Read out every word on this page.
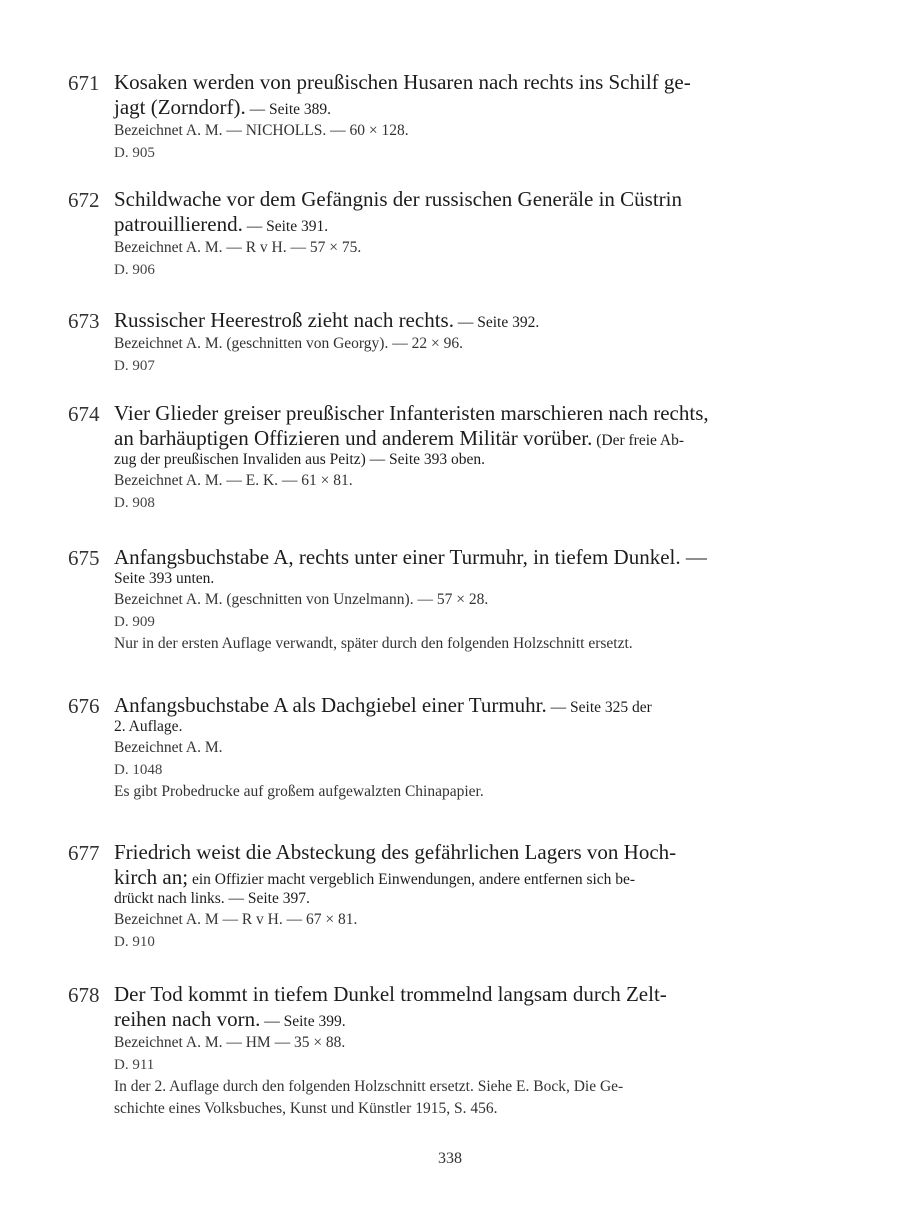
671 Kosaken werden von preußischen Husaren nach rechts ins Schilf ge-
jagt (Zorndorf). — Seite 389.

Bezeichnet A. M. — NICHOLLS. — 60 × 128.

D. 905

672 Schildwache vor dem Gefängnis der russischen Generäle in Cüstrin
patrouillierend. — Seite 391.

Bezeichnet A. M. — R v H. — 57 × 75.

D. 906

673 Russischer Heerestroß zieht nach rechts. — Seite 392.

Bezeichnet A. M. (geschnitten von Georgy). — 22 × 96.

D. 907

674 Vier Glieder greiser preußischer Infanteristen marschieren nach rechts,
an barhäuptigen Offizieren und anderem Militär vorüber. (Der freie Ab-
zug der preußischen Invaliden aus Peitz) — Seite 393 oben.

Bezeichnet A. M. — E. K. — 61 × 81.

D. 908

675 Anfangsbuchstabe A, rechts unter einer Turmuhr, in tiefem Dunkel. —
Seite 393 unten.

Bezeichnet A. M. (geschnitten von Unzelmann). — 57 × 28.

D. 909

Nur in der ersten Auflage verwandt, später durch den folgenden Holzschnitt ersetzt.

676 Anfangsbuchstabe A als Dachgiebel einer Turmuhr. — Seite 325 der
2. Auflage.

Bezeichnet A. M.

D. 1048

Es gibt Probedrucke auf großem aufgewalzten Chinapapier.

677 Friedrich weist die Absteckung des gefährlichen Lagers von Hoch-
kirch an; ein Offizier macht vergeblich Einwendungen, andere entfernen sich be-
drückt nach links. — Seite 397.

Bezeichnet A. M — R v H. — 67 × 81.

D. 910

678 Der Tod kommt in tiefem Dunkel trommelnd langsam durch Zelt-
reihen nach vorn. — Seite 399.

Bezeichnet A. M. — HM — 35 × 88.

D. 911

In der 2. Auflage durch den folgenden Holzschnitt ersetzt. Siehe E. Bock, Die Ge-
schichte eines Volksbuches, Kunst und Künstler 1915, S. 456.

338
